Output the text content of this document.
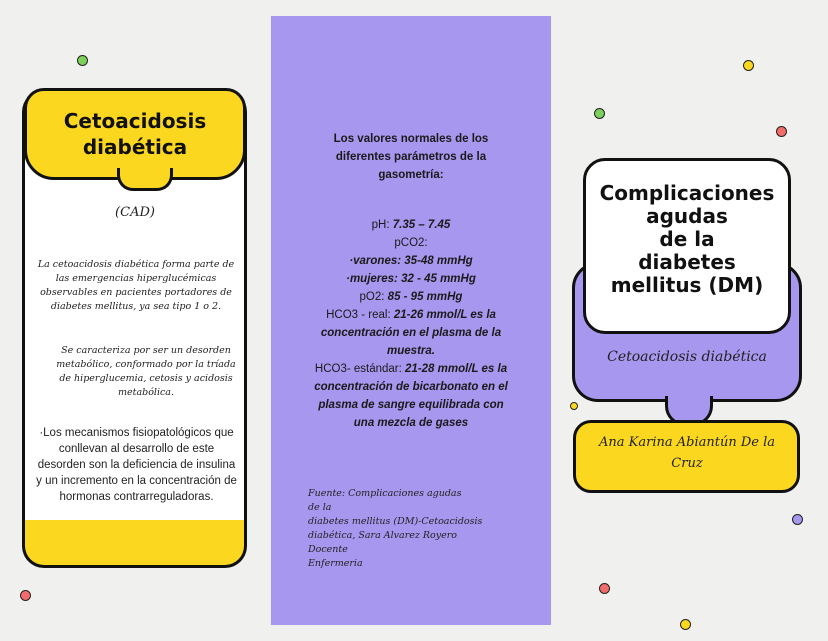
Cetoacidosis
diabética
(CAD)
La cetoacidosis diabética forma parte de las emergencias hiperglucémicas observables en pacientes portadores de diabetes mellitus, ya sea tipo 1 o 2.
Se caracteriza por ser un desorden metabólico, conformado por la tríada de hiperglucemia, cetosis y acidosis metabólica.
·Los mecanismos fisiopatológicos que conllevan al desarrollo de este desorden son la deficiencia de insulina y un incremento en la concentración de hormonas contrarreguladoras.
Los valores normales de los diferentes parámetros de la gasometría:
pH: 7.35 – 7.45
pCO2:
·varones: 35-48 mmHg
·mujeres: 32 - 45 mmHg
pO2: 85 - 95 mmHg
HCO3 - real: 21-26 mmol/L es la concentración en el plasma de la muestra.
HCO3- estándar: 21-28 mmol/L es la concentración de bicarbonato en el plasma de sangre equilibrada con una mezcla de gases
Fuente: Complicaciones agudas
de la
diabetes mellitus (DM)-Cetoacidosis
diabética, Sara Alvarez Royero
Docente
Enfermeria
Complicaciones
agudas
de la
diabetes
mellitus (DM)
Cetoacidosis diabética
Ana Karina Abiantún De la Cruz
